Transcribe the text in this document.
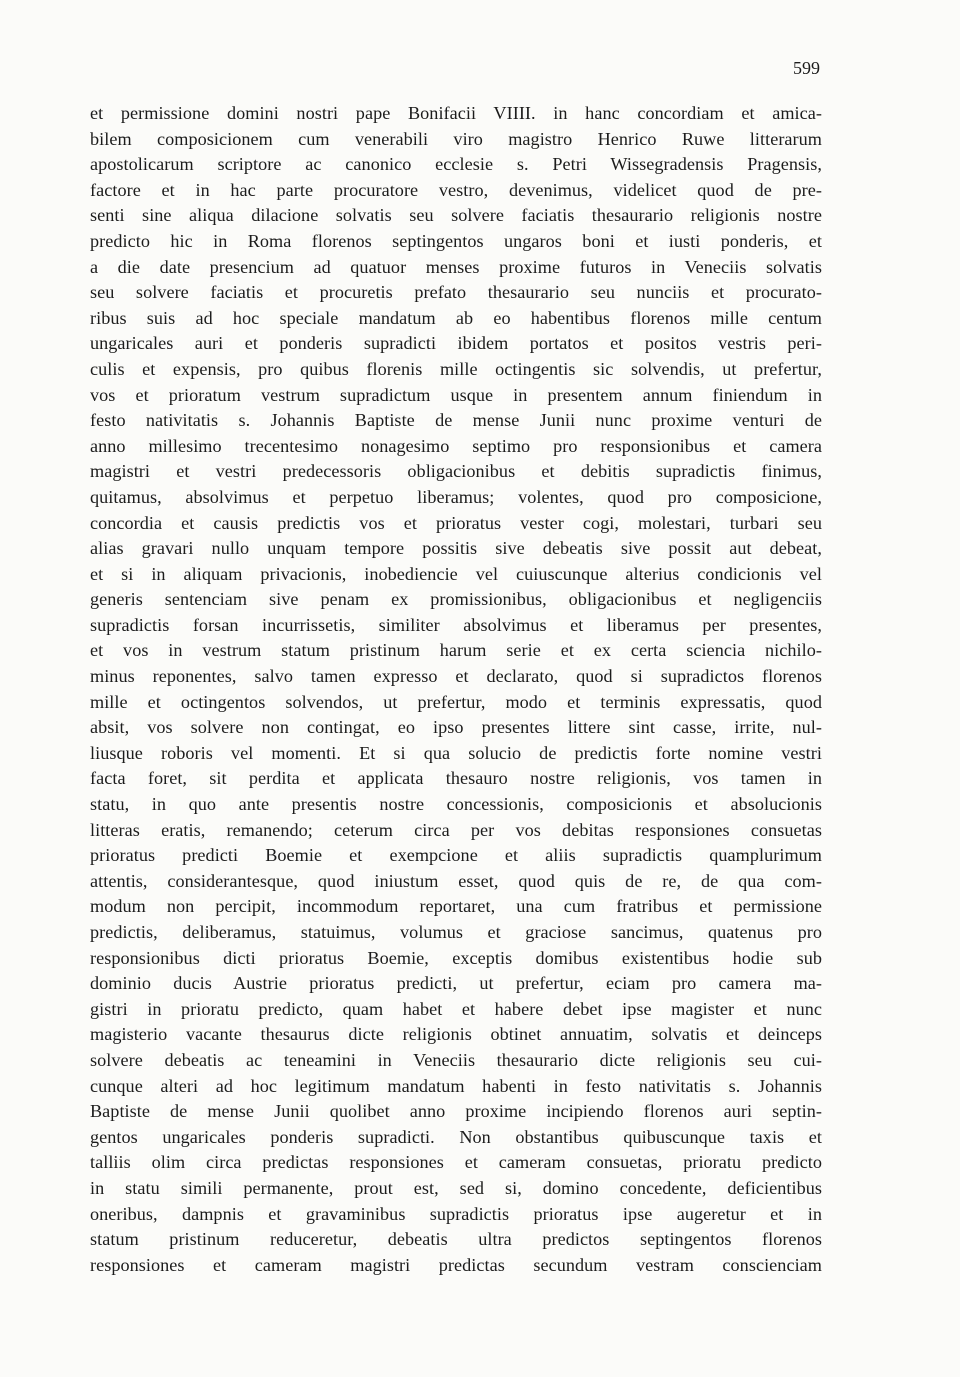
599
et permissione domini nostri pape Bonifacii VIIII. in hanc concordiam et amica-
bilem composicionem cum venerabili viro magistro Henrico Ruwe litterarum
apostolicarum scriptore ac canonico ecclesie s. Petri Wissegradensis Pragensis,
factore et in hac parte procuratore vestro, devenimus, videlicet quod de pre-
senti sine aliqua dilacione solvatis seu solvere faciatis thesaurario religionis nostre
predicto hic in Roma florenos septingentos ungaros boni et iusti ponderis, et
a die date presencium ad quatuor menses proxime futuros in Veneciis solvatis
seu solvere faciatis et procuretis prefato thesaurario seu nunciis et procurato-
ribus suis ad hoc speciale mandatum ab eo habentibus florenos mille centum
ungaricales auri et ponderis supradicti ibidem portatos et positos vestris peri-
culis et expensis, pro quibus florenis mille octingentis sic solvendis, ut prefertur,
vos et prioratum vestrum supradictum usque in presentem annum finiendum in
festo nativitatis s. Johannis Baptiste de mense Junii nunc proxime venturi de
anno millesimo trecentesimo nonagesimo septimo pro responsionibus et camera
magistri et vestri predecessoris obligacionibus et debitis supradictis finimus,
quitamus, absolvimus et perpetuo liberamus; volentes, quod pro composicione,
concordia et causis predictis vos et prioratus vester cogi, molestari, turbari seu
alias gravari nullo unquam tempore possitis sive debeatis sive possit aut debeat,
et si in aliquam privacionis, inobediencie vel cuiuscunque alterius condicionis vel
generis sentenciam sive penam ex promissionibus, obligacionibus et negligenciis
supradictis forsan incurrissetis, similiter absolvimus et liberamus per presentes,
et vos in vestrum statum pristinum harum serie et ex certa sciencia nichilo-
minus reponentes, salvo tamen expresso et declarato, quod si supradictos florenos
mille et octingentos solvendos, ut prefertur, modo et terminis expressatis, quod
absit, vos solvere non contingat, eo ipso presentes littere sint casse, irrite, nul-
liusque roboris vel momenti. Et si qua solucio de predictis forte nomine vestri
facta foret, sit perdita et applicata thesauro nostre religionis, vos tamen in
statu, in quo ante presentis nostre concessionis, composicionis et absolucionis
litteras eratis, remanendo; ceterum circa per vos debitas responsiones consuetas
prioratus predicti Boemie et exempcione et aliis supradictis quamplurimum
attentis, considerantesque, quod iniustum esset, quod quis de re, de qua com-
modum non percipit, incommodum reportaret, una cum fratribus et permissione
predictis, deliberamus, statuimus, volumus et graciose sancimus, quatenus pro
responsionibus dicti prioratus Boemie, exceptis domibus existentibus hodie sub
dominio ducis Austrie prioratus predicti, ut prefertur, eciam pro camera ma-
gistri in prioratu predicto, quam habet et habere debet ipse magister et nunc
magisterio vacante thesaurus dicte religionis obtinet annuatim, solvatis et deinceps
solvere debeatis ac teneamini in Veneciis thesaurario dicte religionis seu cui-
cunque alteri ad hoc legitimum mandatum habenti in festo nativitatis s. Johannis
Baptiste de mense Junii quolibet anno proxime incipiendo florenos auri septin-
gentos ungaricales ponderis supradicti. Non obstantibus quibuscunque taxis et
talliis olim circa predictas responsiones et cameram consuetas, prioratu predicto
in statu simili permanente, prout est, sed si, domino concedente, deficientibus
oneribus, dampnis et gravaminibus supradictis prioratus ipse augeretur et in
statum pristinum reduceretur, debeatis ultra predictos septingentos florenos
responsiones et cameram magistri predictas secundum vestram conscienciam
